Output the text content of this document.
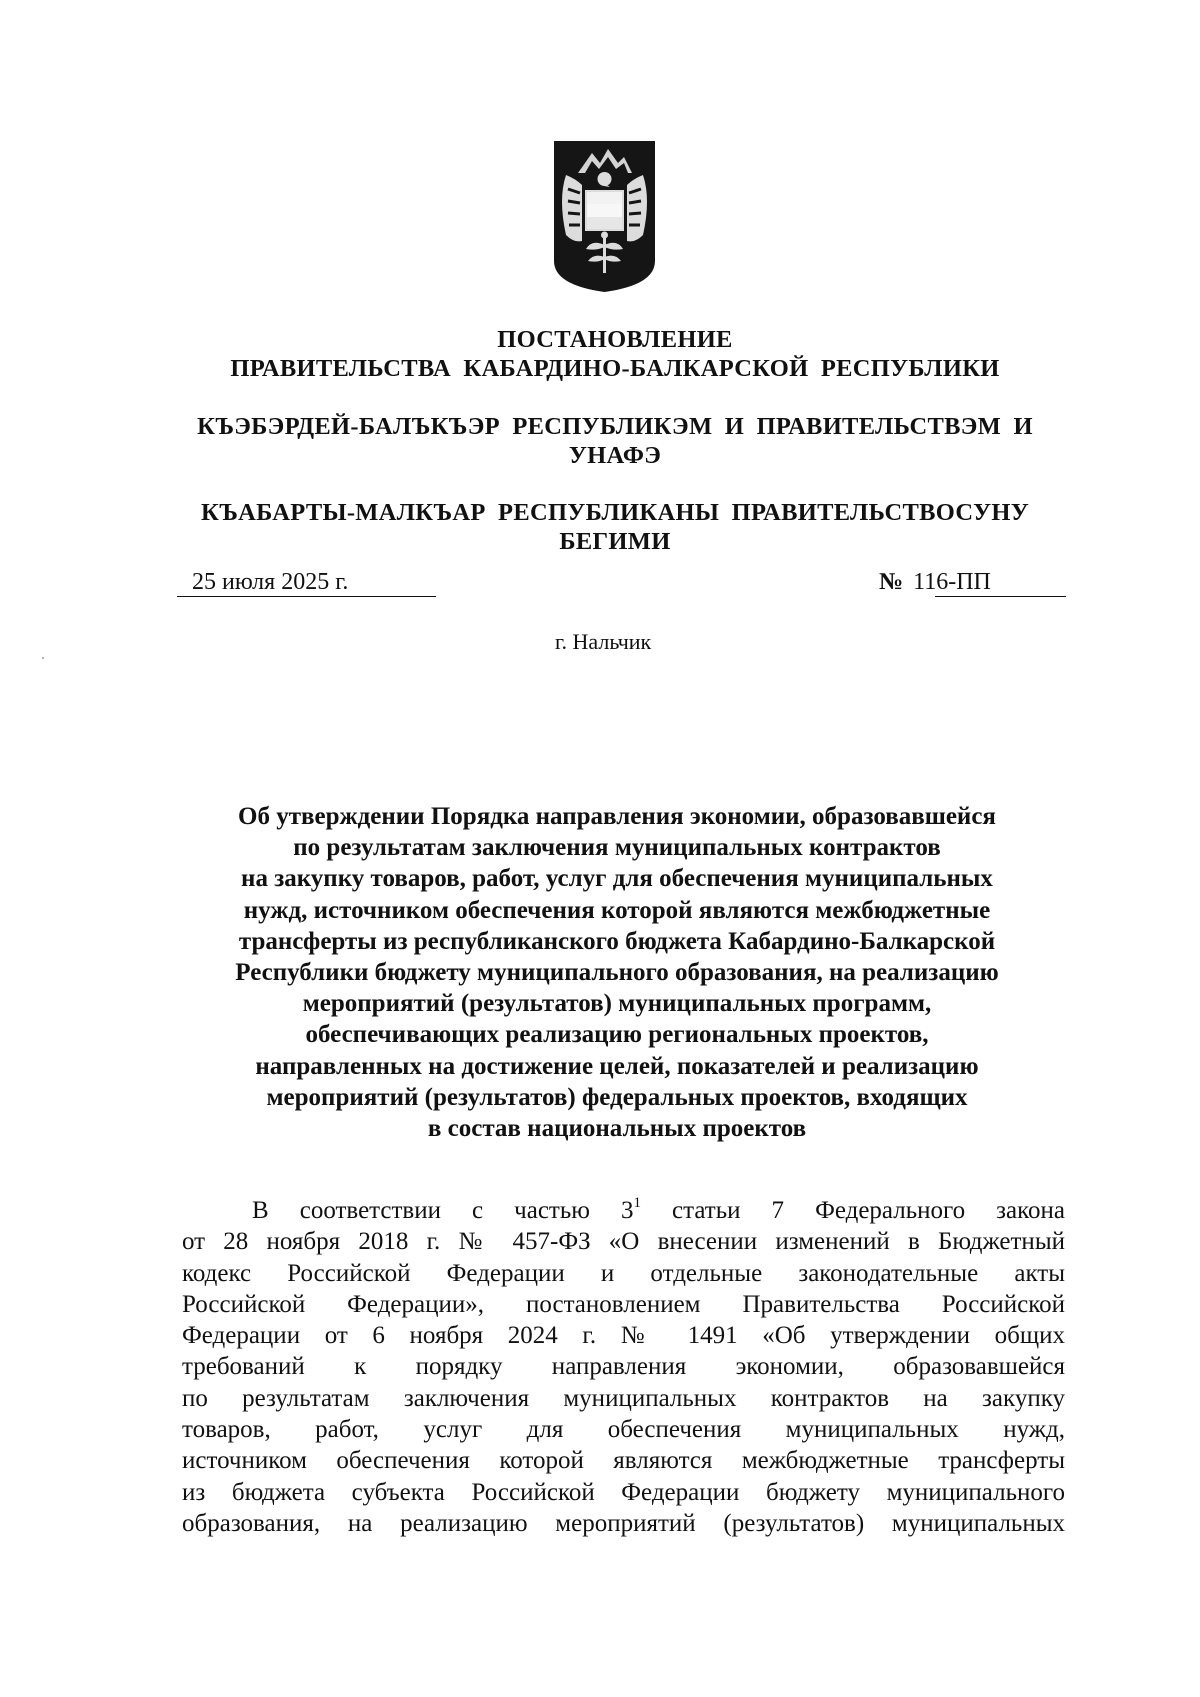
ПОСТАНОВЛЕНИЕ
ПРАВИТЕЛЬСТВА КАБАРДИНО-БАЛКАРСКОЙ РЕСПУБЛИКИ
КЪЭБЭРДЕЙ-БАЛЪКЪЭР РЕСПУБЛИКЭМ И ПРАВИТЕЛЬСТВЭМ И
УНАФЭ
КЪАБАРТЫ-МАЛКЪАР РЕСПУБЛИКАНЫ ПРАВИТЕЛЬСТВОСУНУ
БЕГИМИ
25 июля 2025 г.	№ 116-ПП
г. Нальчик
Об утверждении Порядка направления экономии, образовавшейся
по результатам заключения муниципальных контрактов
на закупку товаров, работ, услуг для обеспечения муниципальных
нужд, источником обеспечения которой являются межбюджетные
трансферты из республиканского бюджета Кабардино-Балкарской
Республики бюджету муниципального образования, на реализацию
мероприятий (результатов) муниципальных программ,
обеспечивающих реализацию региональных проектов,
направленных на достижение целей, показателей и реализацию
мероприятий (результатов) федеральных проектов, входящих
в состав национальных проектов
В соответствии с частью $3^1$ статьи 7 Федерального закона
от 28 ноября 2018 г. № 457-ФЗ «О внесении изменений в Бюджетный
кодекс Российской Федерации и отдельные законодательные акты
Российской Федерации», постановлением Правительства Российской
Федерации от 6 ноября 2024 г. № 1491 «Об утверждении общих
требований к порядку направления экономии, образовавшейся
по результатам заключения муниципальных контрактов на закупку
товаров, работ, услуг для обеспечения муниципальных нужд,
источником обеспечения которой являются межбюджетные трансферты
из бюджета субъекта Российской Федерации бюджету муниципального
образования, на реализацию мероприятий (результатов) муниципальных
